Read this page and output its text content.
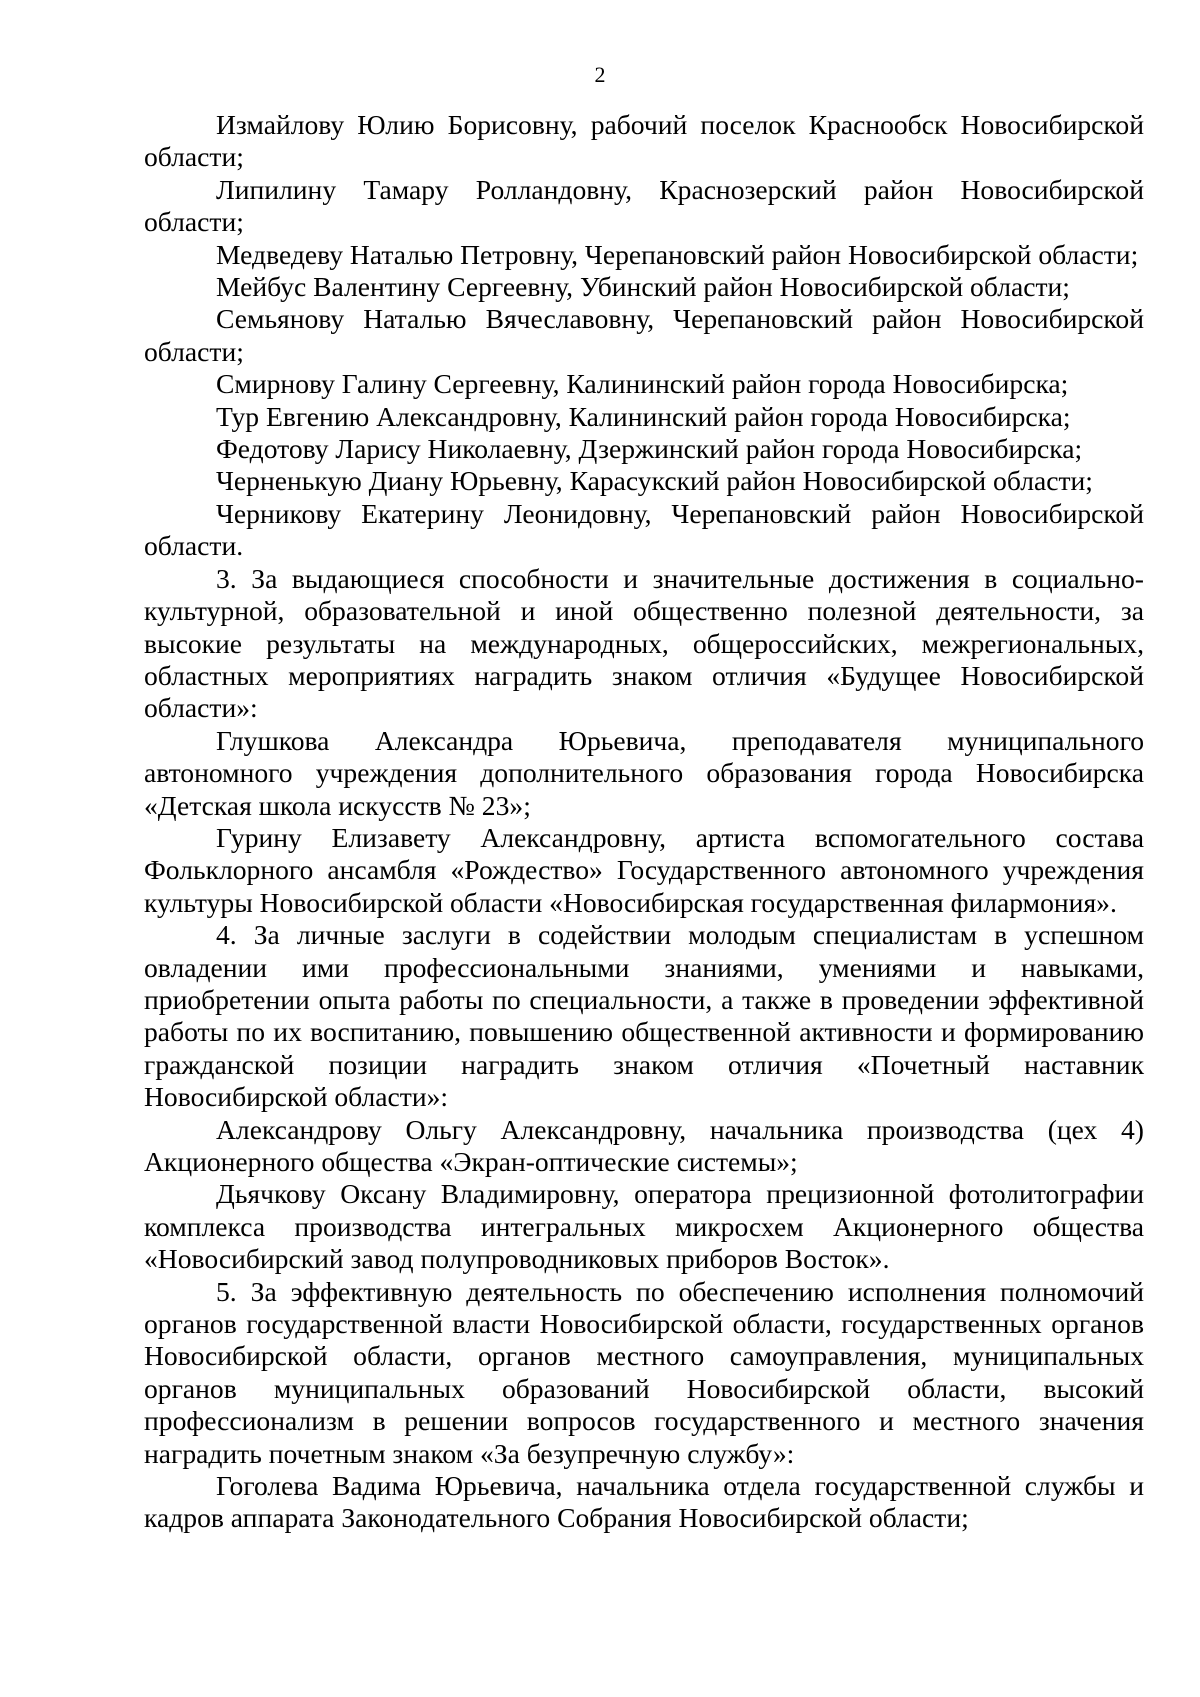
2

Измайлову Юлию Борисовну, рабочий поселок Краснообск Новосибирской области;

Липилину Тамару Ролландовну, Краснозерский район Новосибирской области;

Медведеву Наталью Петровну, Черепановский район Новосибирской области;

Мейбус Валентину Сергеевну, Убинский район Новосибирской области;

Семьянову Наталью Вячеславовну, Черепановский район Новосибирской области;

Смирнову Галину Сергеевну, Калининский район города Новосибирска;

Тур Евгению Александровну, Калининский район города Новосибирска;

Федотову Ларису Николаевну, Дзержинский район города Новосибирска;

Черненькую Диану Юрьевну, Карасукский район Новосибирской области;

Черникову Екатерину Леонидовну, Черепановский район Новосибирской области.

3. За выдающиеся способности и значительные достижения в социально-культурной, образовательной и иной общественно полезной деятельности, за высокие результаты на международных, общероссийских, межрегиональных, областных мероприятиях наградить знаком отличия «Будущее Новосибирской области»:

Глушкова Александра Юрьевича, преподавателя муниципального автономного учреждения дополнительного образования города Новосибирска «Детская школа искусств № 23»;

Гурину Елизавету Александровну, артиста вспомогательного состава Фольклорного ансамбля «Рождество» Государственного автономного учреждения культуры Новосибирской области «Новосибирская государственная филармония».

4. За личные заслуги в содействии молодым специалистам в успешном овладении ими профессиональными знаниями, умениями и навыками, приобретении опыта работы по специальности, а также в проведении эффективной работы по их воспитанию, повышению общественной активности и формированию гражданской позиции наградить знаком отличия «Почетный наставник Новосибирской области»:

Александрову Ольгу Александровну, начальника производства (цех 4) Акционерного общества «Экран-оптические системы»;

Дьячкову Оксану Владимировну, оператора прецизионной фотолитографии комплекса производства интегральных микросхем Акционерного общества «Новосибирский завод полупроводниковых приборов Восток».

5. За эффективную деятельность по обеспечению исполнения полномочий органов государственной власти Новосибирской области, государственных органов Новосибирской области, органов местного самоуправления, муниципальных органов муниципальных образований Новосибирской области, высокий профессионализм в решении вопросов государственного и местного значения наградить почетным знаком «За безупречную службу»:

Гоголева Вадима Юрьевича, начальника отдела государственной службы и кадров аппарата Законодательного Собрания Новосибирской области;
